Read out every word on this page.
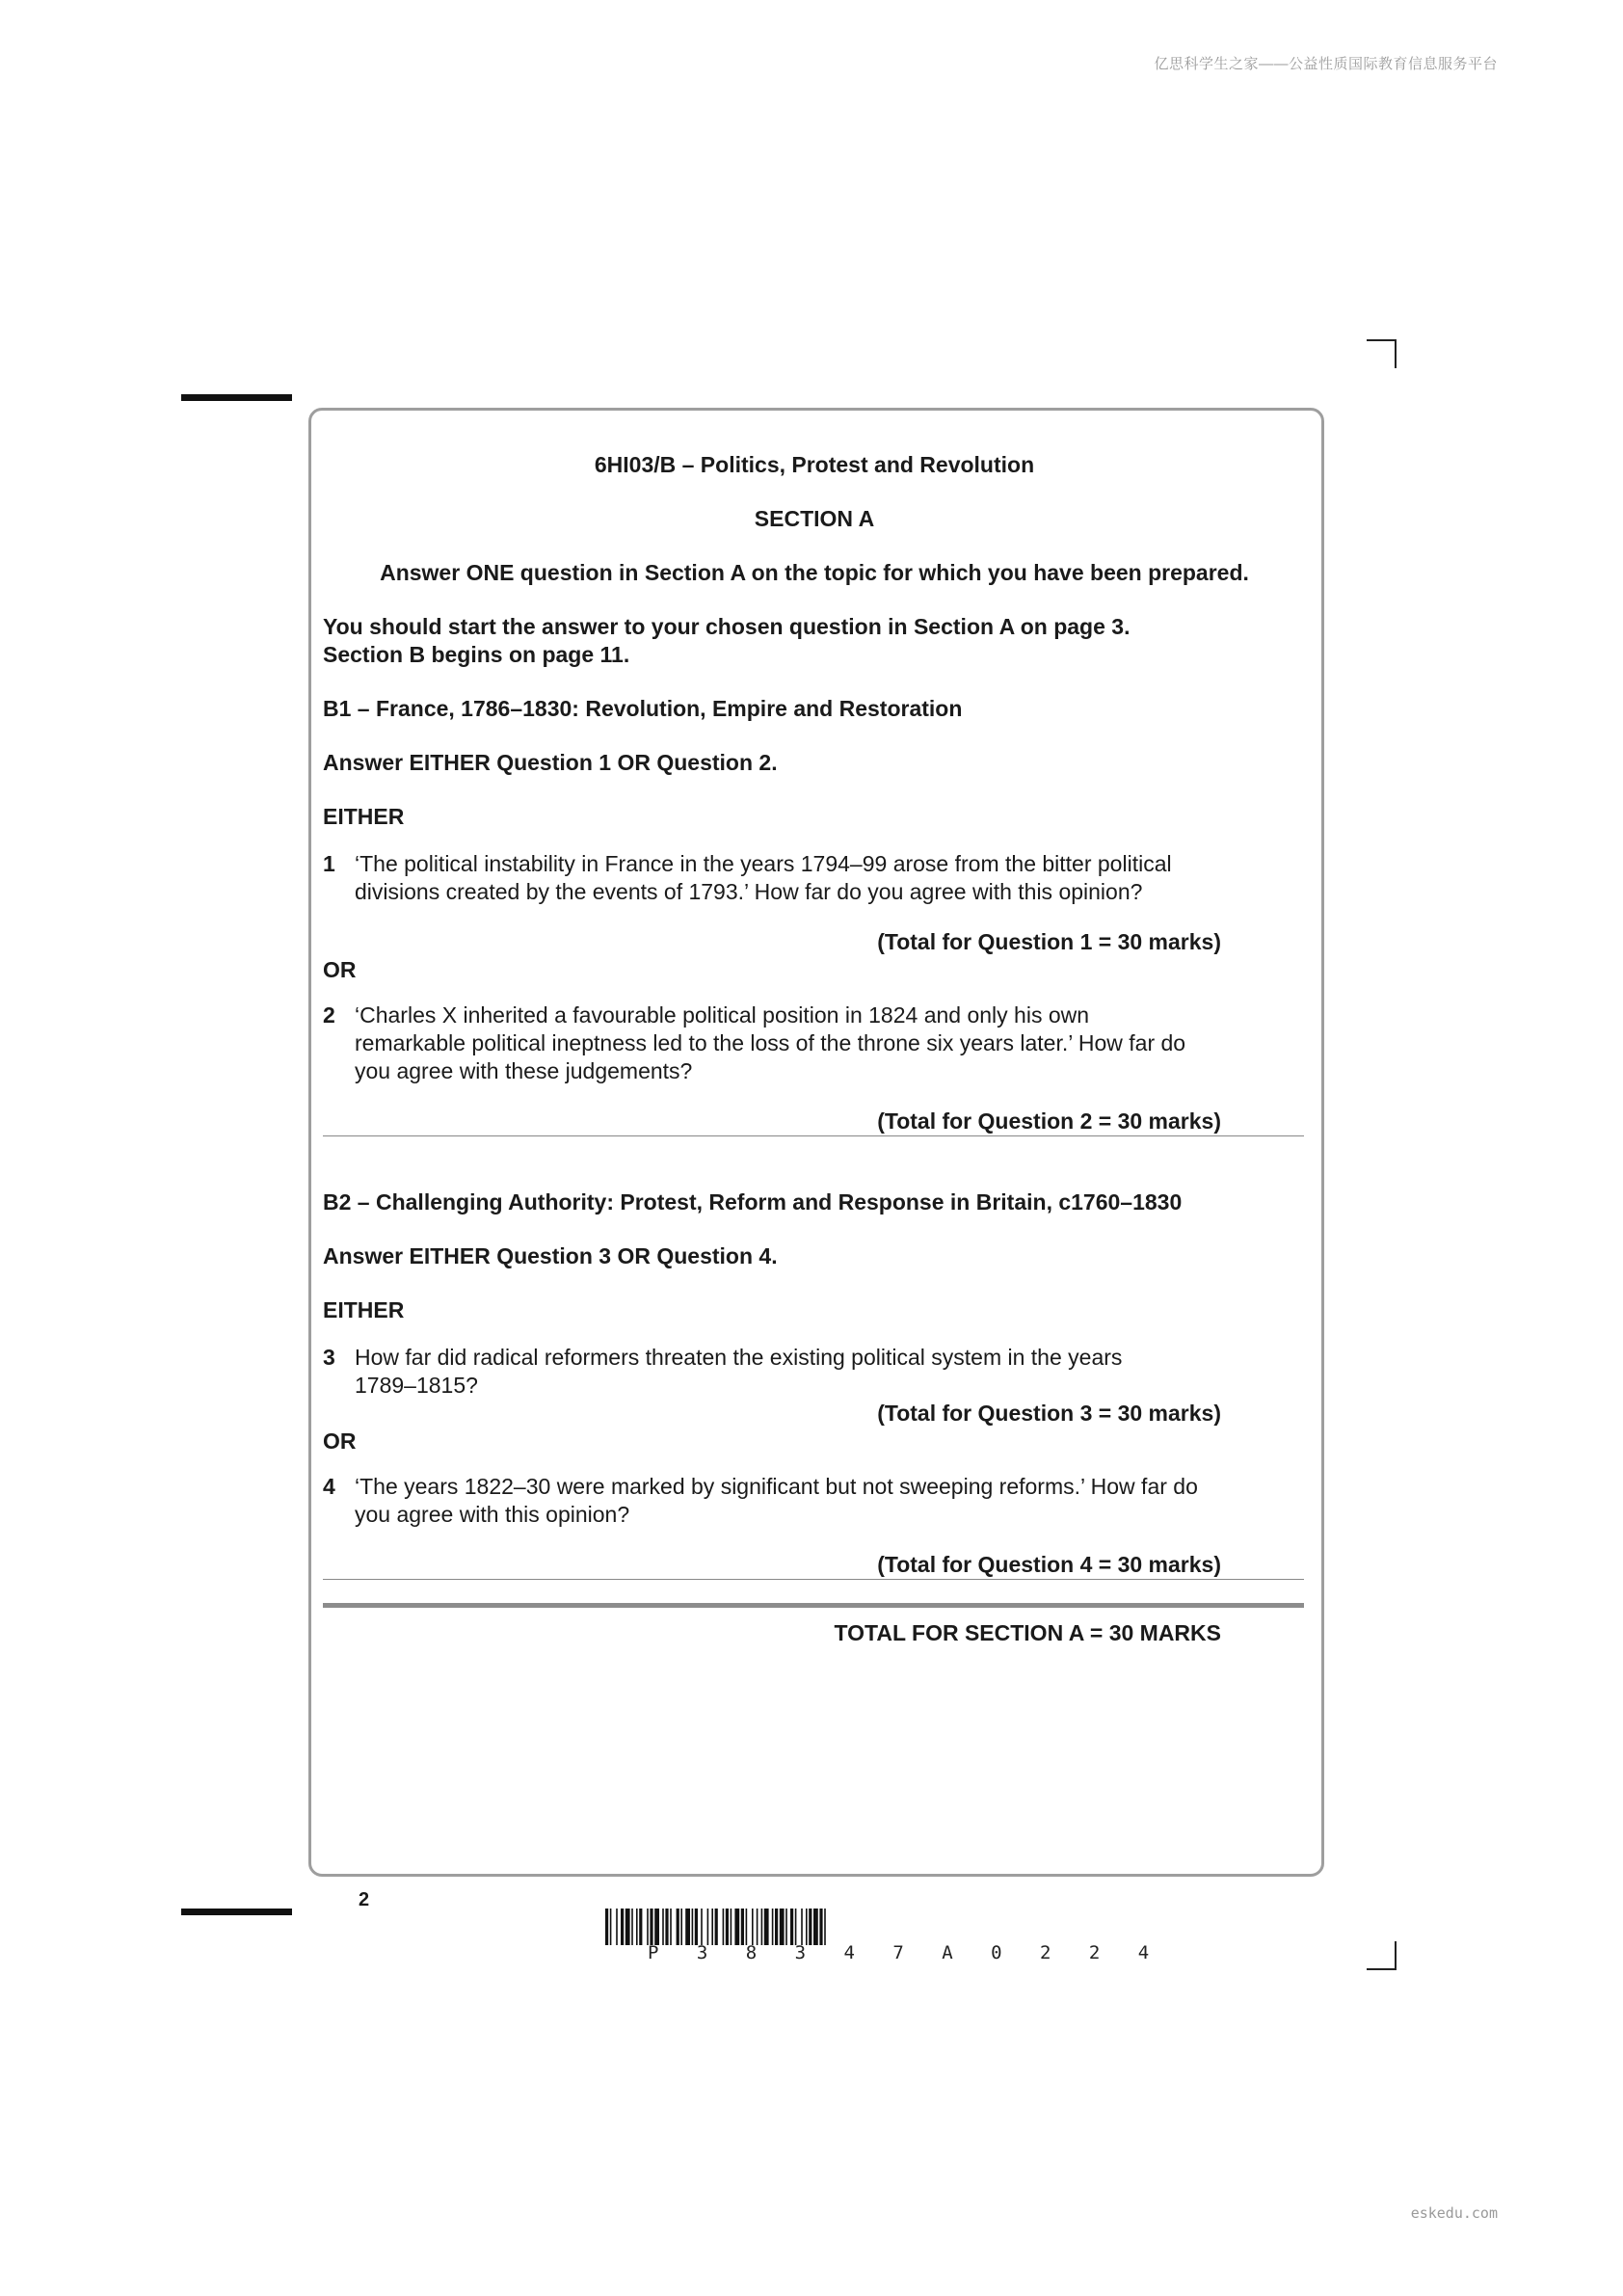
亿思科学生之家——公益性质国际教育信息服务平台

6HI03/B – Politics, Protest and Revolution

SECTION A

Answer ONE question in Section A on the topic for which you have been prepared.

You should start the answer to your chosen question in Section A on page 3.

Section B begins on page 11.

B1 – France, 1786–1830: Revolution, Empire and Restoration

Answer EITHER Question 1 OR Question 2.

EITHER

1 ‘The political instability in France in the years 1794–99 arose from the bitter political
divisions created by the events of 1793.’ How far do you agree with this opinion?

(Total for Question 1 = 30 marks)

OR

2 ‘Charles X inherited a favourable political position in 1824 and only his own
remarkable political ineptness led to the loss of the throne six years later.’ How far do
you agree with these judgements?

(Total for Question 2 = 30 marks)

B2 – Challenging Authority: Protest, Reform and Response in Britain, c1760–1830

Answer EITHER Question 3 OR Question 4.

EITHER

3 How far did radical reformers threaten the existing political system in the years
1789–1815?

(Total for Question 3 = 30 marks)

OR

4 ‘The years 1822–30 were marked by significant but not sweeping reforms.’ How far do
you agree with this opinion?

(Total for Question 4 = 30 marks)

TOTAL FOR SECTION A = 30 MARKS

2
P 3 8 3 4 7 A 0 2 2 4
eskedu.com
